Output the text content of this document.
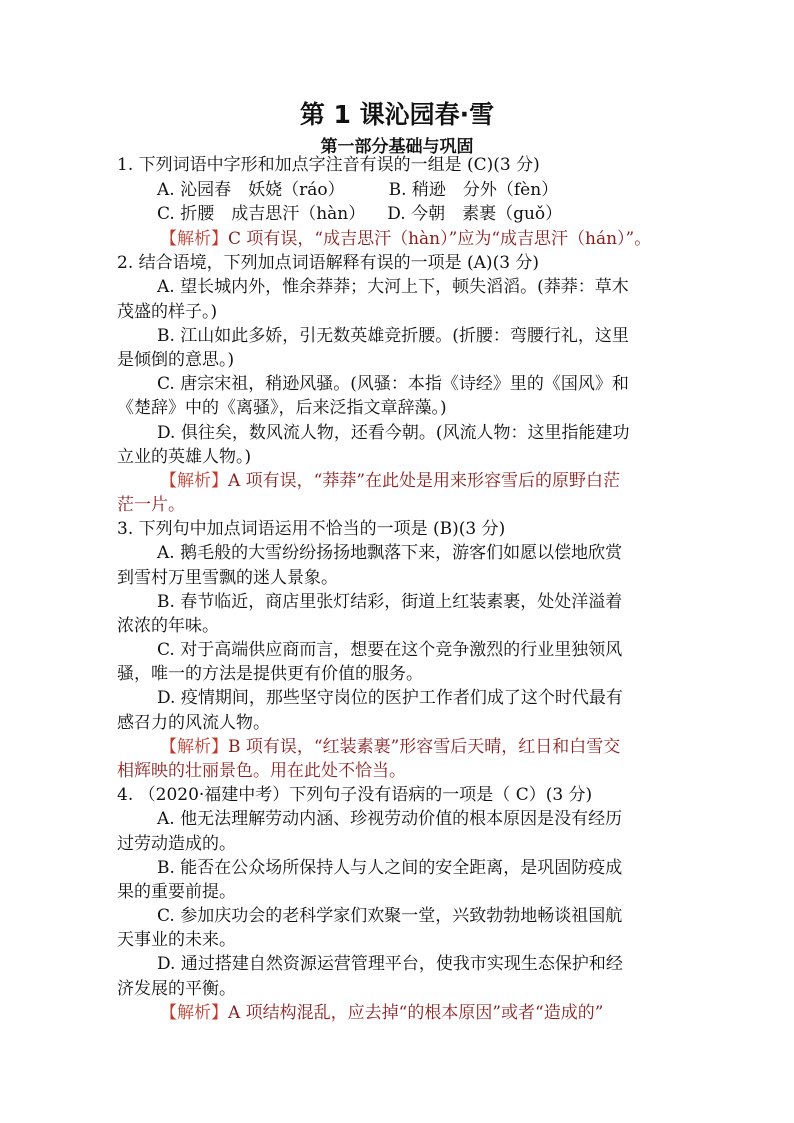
第 1 课沁园春·雪
第一部分基础与巩固
1. 下列词语中字形和加点字注音有误的一组是 (C)(3 分)
A. 沁园春　妖娆（ráo）	B. 稍逊　分外（fèn）
C. 折腰　成吉思汗（hàn） D. 今朝　素裹（guǒ）
【解析】C 项有误，“成吉思汗（hàn）”应为“成吉思汗（hán）”。
2. 结合语境，下列加点词语解释有误的一项是 (A)(3 分)
A. 望长城内外，惟余莽莽；大河上下，顿失滔滔。(莽莽：草木
茂盛的样子。)
B. 江山如此多娇，引无数英雄竞折腰。(折腰：弯腰行礼，这里
是倾倒的意思。)
C. 唐宗宋祖，稍逊风骚。(风骚：本指《诗经》里的《国风》和
《楚辞》中的《离骚》，后来泛指文章辞藻。)
D. 俱往矣，数风流人物，还看今朝。(风流人物：这里指能建功
立业的英雄人物。)
【解析】A 项有误，“莽莽”在此处是用来形容雪后的原野白茫
茫一片。
3. 下列句中加点词语运用不恰当的一项是 (B)(3 分)
A. 鹅毛般的大雪纷纷扬扬地飘落下来，游客们如愿以偿地欣赏
到雪村万里雪飘的迷人景象。
B. 春节临近，商店里张灯结彩，街道上红装素裹，处处洋溢着
浓浓的年味。
C. 对于高端供应商而言，想要在这个竞争激烈的行业里独领风
骚，唯一的方法是提供更有价值的服务。
D. 疫情期间，那些坚守岗位的医护工作者们成了这个时代最有
感召力的风流人物。
【解析】B 项有误，“红装素裹”形容雪后天晴，红日和白雪交
相辉映的壮丽景色。用在此处不恰当。
4. （2020·福建中考）下列句子没有语病的一项是（ C）(3 分)
A. 他无法理解劳动内涵、珍视劳动价值的根本原因是没有经历
过劳动造成的。
B. 能否在公众场所保持人与人之间的安全距离，是巩固防疫成
果的重要前提。
C. 参加庆功会的老科学家们欢聚一堂，兴致勃勃地畅谈祖国航
天事业的未来。
D. 通过搭建自然资源运营管理平台，使我市实现生态保护和经
济发展的平衡。
【解析】A 项结构混乱，应去掉“的根本原因”或者“造成的”
